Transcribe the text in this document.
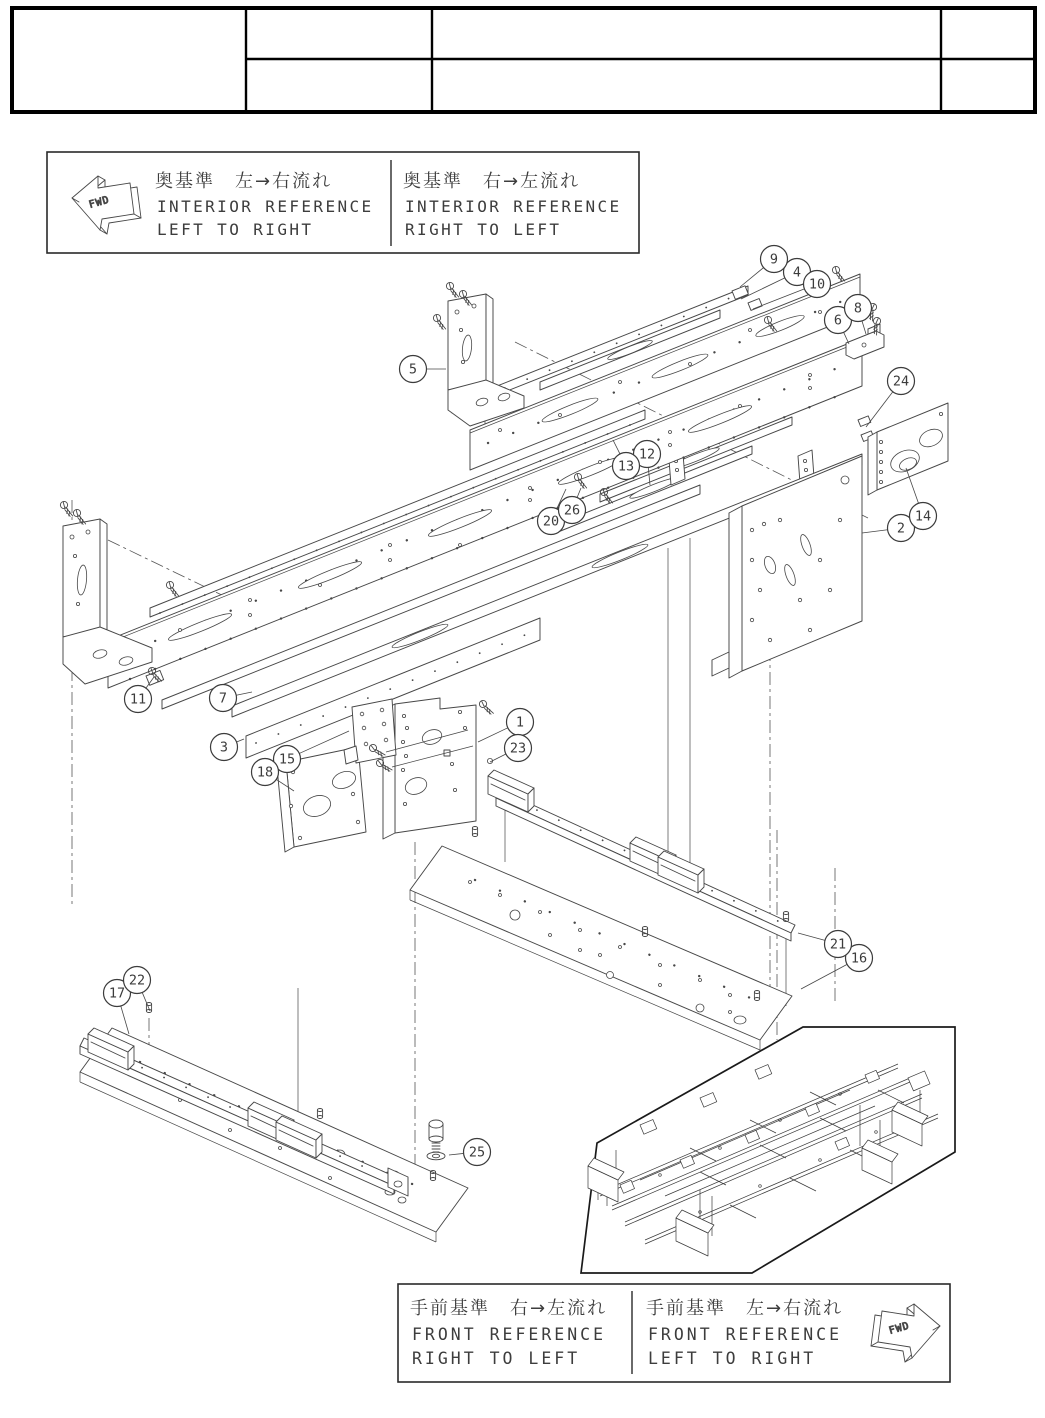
FWD
奥基準　左→右流れ
INTERIOR REFERENCE
LEFT TO RIGHT
奥基準　右→左流れ
INTERIOR REFERENCE
RIGHT TO LEFT
1
2
3
4
5
6
7
8
9
10
11
12
13
14
15
16
17
18
20
21
22
23
24
25
26
手前基準　右→左流れ
FRONT REFERENCE
RIGHT TO LEFT
手前基準　左→右流れ
FRONT REFERENCE
LEFT TO RIGHT
FWD
